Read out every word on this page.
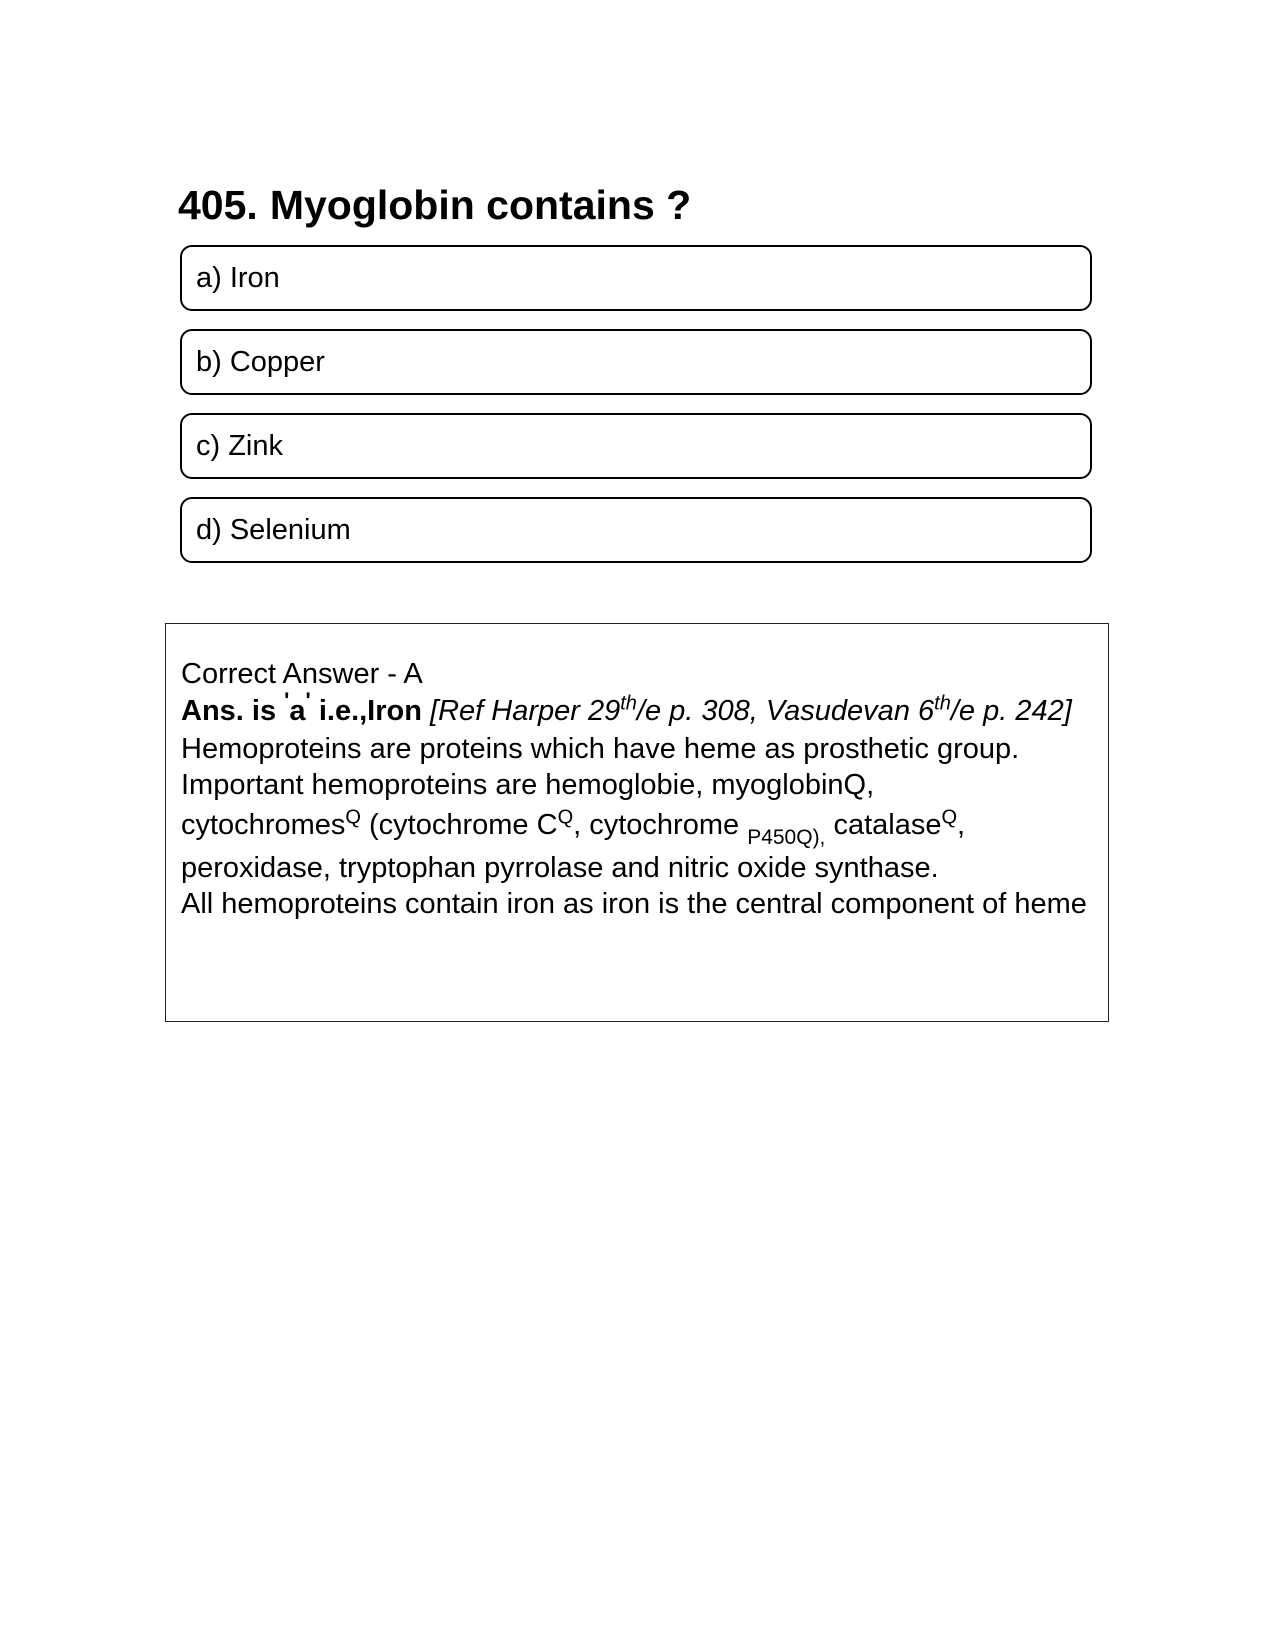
405. Myoglobin contains ?
a) Iron
b) Copper
c) Zink
d) Selenium

Correct Answer - A

Ans. is 'a' i.e.,Iron [Ref Harper 29th/e p. 308, Vasudevan 6th/e p. 242]

Hemoproteins are proteins which have heme as prosthetic group.

Important hemoproteins are hemoglobie, myoglobinQ,

cytochromes$^Q$ (cytochrome $C^Q$, cytochrome $_{P450Q),}$ catalase$^Q$,

peroxidase, tryptophan pyrrolase and nitric oxide synthase.

All hemoproteins contain iron as iron is the central component of heme
